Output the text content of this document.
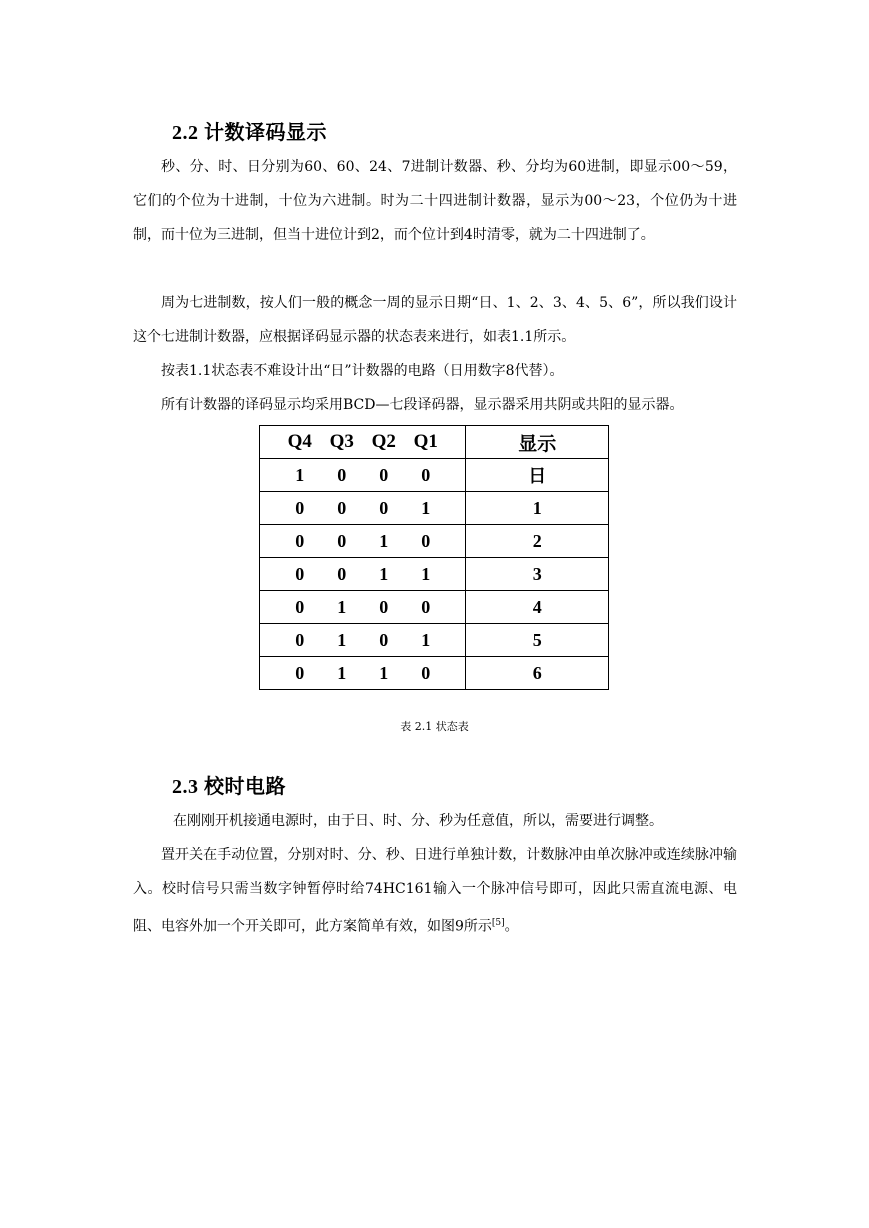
2.2 计数译码显示

秒、分、时、日分别为60、60、24、7进制计数器、秒、分均为60进制，即显示00～59，它们的个位为十进制，十位为六进制。时为二十四进制计数器，显示为00～23，个位仍为十进制，而十位为三进制，但当十进位计到2，而个位计到4时清零，就为二十四进制了。

周为七进制数，按人们一般的概念一周的显示日期“日、1、2、3、4、5、6”，所以我们设计这个七进制计数器，应根据译码显示器的状态表来进行，如表1.1所示。

按表1.1状态表不难设计出“日”计数器的电路（日用数字8代替）。

所有计数器的译码显示均采用BCD—七段译码器，显示器采用共阴或共阳的显示器。

Q4 Q3 Q2 Q1	显示
1 0 0 0	日
0 0 0 1	1
0 0 1 0	2
0 0 1 1	3
0 1 0 0	4
0 1 0 1	5
0 1 1 0	6
表 2.1 状态表
2.3 校时电路

在刚刚开机接通电源时，由于日、时、分、秒为任意值，所以，需要进行调整。

置开关在手动位置，分别对时、分、秒、日进行单独计数，计数脉冲由单次脉冲或连续脉冲输入。校时信号只需当数字钟暂停时给74HC161输入一个脉冲信号即可，因此只需直流电源、电阻、电容外加一个开关即可，此方案简单有效，如图9所示[5]。
